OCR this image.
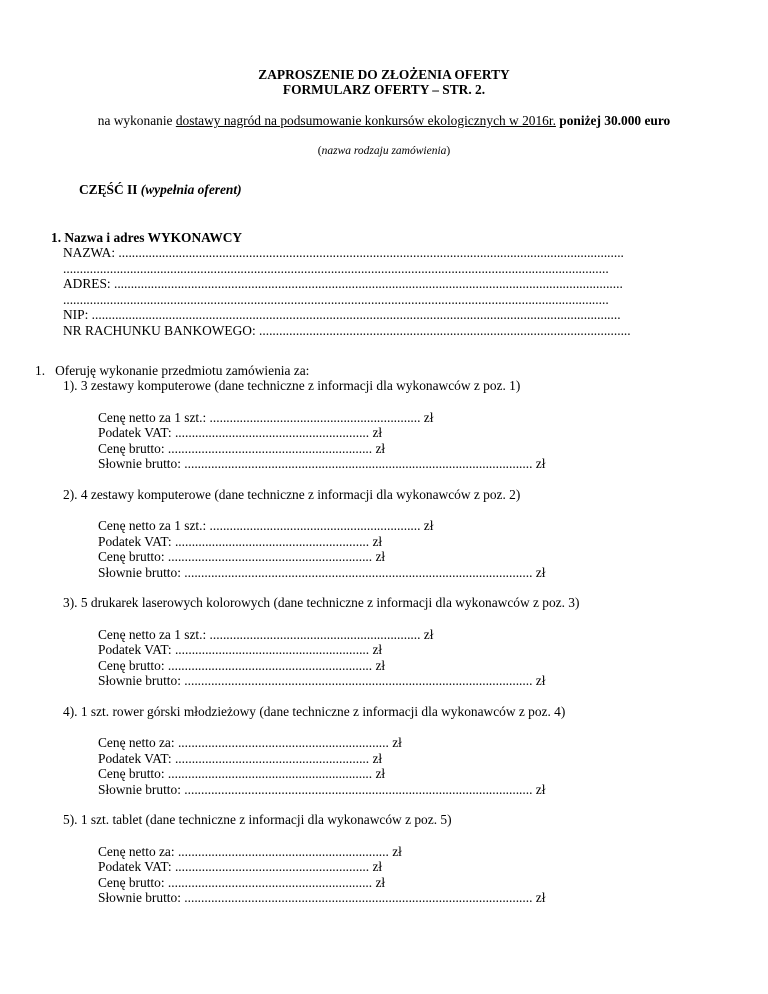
ZAPROSZENIE DO ZŁOŻENIA OFERTY
FORMULARZ OFERTY – STR. 2.
na wykonanie dostawy nagród na podsumowanie konkursów ekologicznych w 2016r. poniżej 30.000 euro
(nazwa rodzaju zamówienia)
CZĘŚĆ II (wypełnia oferent)
1. Nazwa i adres WYKONAWCY
NAZWA: .......................................................................................................................................................
...................................................................................................................................................................
ADRES: ........................................................................................................................................................
...................................................................................................................................................................
NIP: ..............................................................................................................................................................
NR RACHUNKU BANKOWEGO: ...............................................................................................................
1.   Oferuję wykonanie przedmiotu zamówienia za:
1). 3 zestawy komputerowe (dane techniczne z informacji dla wykonawców z poz. 1)
Cenę netto za 1 szt.: ............................................................... zł
Podatek VAT: .......................................................... zł
Cenę brutto: ............................................................. zł
Słownie brutto: ........................................................................................................ zł
2). 4 zestawy komputerowe (dane techniczne z informacji dla wykonawców z poz. 2)
Cenę netto za 1 szt.: ............................................................... zł
Podatek VAT: .......................................................... zł
Cenę brutto: ............................................................. zł
Słownie brutto: ........................................................................................................ zł
3). 5 drukarek laserowych kolorowych (dane techniczne z informacji dla wykonawców z poz. 3)
Cenę netto za 1 szt.: ............................................................... zł
Podatek VAT: .......................................................... zł
Cenę brutto: ............................................................. zł
Słownie brutto: ........................................................................................................ zł
4). 1 szt. rower górski młodzieżowy (dane techniczne z informacji dla wykonawców z poz. 4)
Cenę netto za: ............................................................... zł
Podatek VAT: .......................................................... zł
Cenę brutto: ............................................................. zł
Słownie brutto: ........................................................................................................ zł
5). 1 szt. tablet (dane techniczne z informacji dla wykonawców z poz. 5)
Cenę netto za: ............................................................... zł
Podatek VAT: .......................................................... zł
Cenę brutto: ............................................................. zł
Słownie brutto: ........................................................................................................ zł
